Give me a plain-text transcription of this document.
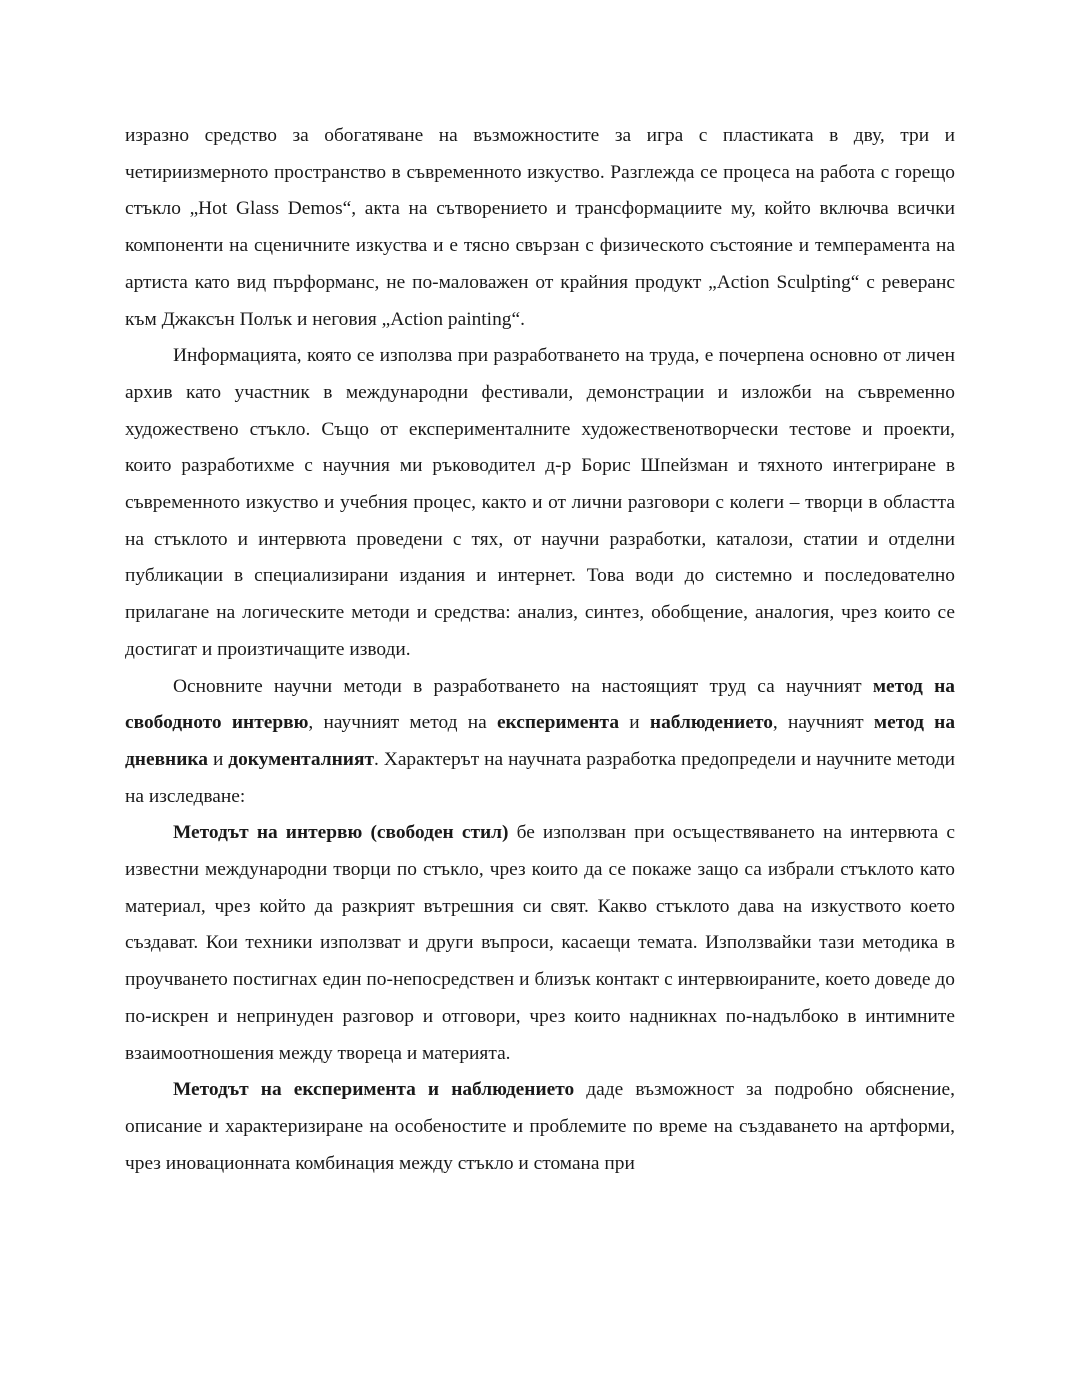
изразно средство за обогатяване на възможностите за игра с пластиката в дву, три и четириизмерното пространство в съвременното изкуство. Разглежда се процеса на работа с горещо стъкло „Hot Glass Demos“, акта на сътворението и трансформациите му, който включва всички компоненти на сценичните изкуства и е тясно свързан с физическото състояние и темперамента на артиста като вид пърформанс, не по-маловажен от крайния продукт „Action Sculpting“ с реверанс към Джаксън Полък и неговия „Action painting“.

Информацията, която се използва при разработването на труда, е почерпена основно от личен архив като участник в международни фестивали, демонстрации и изложби на съвременно художествено стъкло. Също от експерименталните художественотворчески тестове и проекти, които разработихме с научния ми ръководител д-р Борис Шпейзман и тяхното интегриране в съвременното изкуство и учебния процес, както и от лични разговори с колеги – творци в областта на стъклото и интервюта проведени с тях, от научни разработки, каталози, статии и отделни публикации в специализирани издания и интернет. Това води до системно и последователно прилагане на логическите методи и средства: анализ, синтез, обобщение, аналогия, чрез които се достигат и произтичащите изводи.

Основните научни методи в разработването на настоящият труд са научният метод на свободното интервю, научният метод на експеримента и наблюдението, научният метод на дневника и документалният. Характерът на научната разработка предопредели и научните методи на изследване:

Методът на интервю (свободен стил) бе използван при осъществяването на интервюта с известни международни творци по стъкло, чрез които да се покаже защо са избрали стъклото като материал, чрез който да разкрият вътрешния си свят. Какво стъклото дава на изкуството което създават. Кои техники използват и други въпроси, касаещи темата. Използвайки тази методика в проучването постигнах един по-непосредствен и близък контакт с интервюираните, което доведе до по-искрен и непринуден разговор и отговори, чрез които надникнах по-надълбоко в интимните взаимоотношения между твореца и материята.

Методът на експеримента и наблюдението даде възможност за подробно обяснение, описание и характеризиране на особеностите и проблемите по време на създаването на артформи, чрез иновационната комбинация между стъкло и стомана при
